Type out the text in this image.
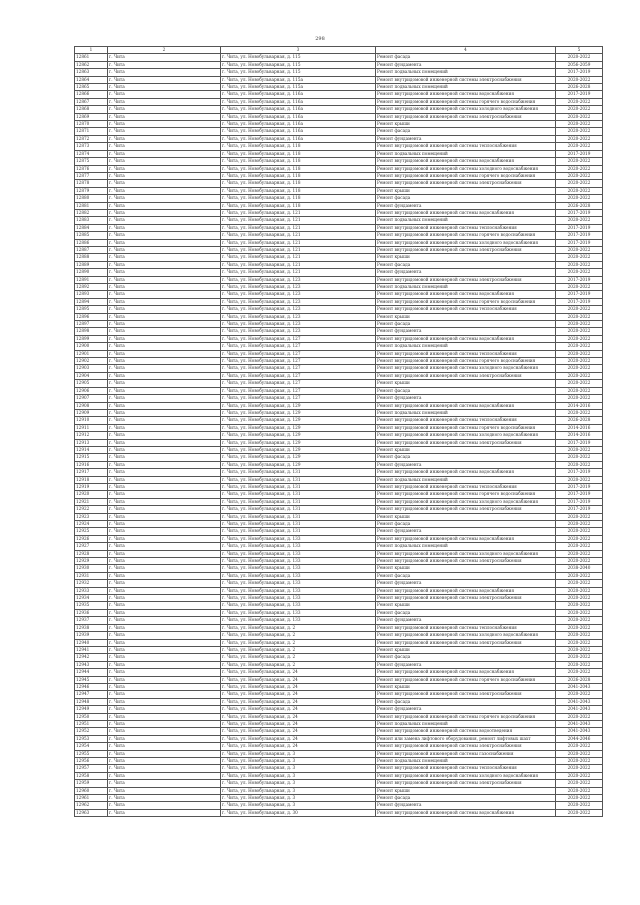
298
1	2	3	4	5
12861	г. Чита	г. Чита, ул. Новобульварная, д. 115	Ремонт фасада	2020-2022
12862	г. Чита	г. Чита, ул. Новобульварная, д. 115	Ремонт фундамента	2056-2059
12863	г. Чита	г. Чита, ул. Новобульварная, д. 115	Ремонт подвальных помещений	2017-2019
12864	г. Чита	г. Чита, ул. Новобульварная, д. 115а	Ремонт внутридомовой инженерной системы электроснабжения	2020-2022
12865	г. Чита	г. Чита, ул. Новобульварная, д. 115а	Ремонт подвальных помещений	2026-2028
12866	г. Чита	г. Чита, ул. Новобульварная, д. 116а	Ремонт внутридомовой инженерной системы водоснабжения	2017-2019
12867	г. Чита	г. Чита, ул. Новобульварная, д. 116а	Ремонт внутридомовой инженерной системы горячего водоснабжения	2020-2022
12868	г. Чита	г. Чита, ул. Новобульварная, д. 116а	Ремонт внутридомовой инженерной системы холодного водоснабжения	2020-2022
12869	г. Чита	г. Чита, ул. Новобульварная, д. 116а	Ремонт внутридомовой инженерной системы электроснабжения	2020-2022
12870	г. Чита	г. Чита, ул. Новобульварная, д. 116а	Ремонт крыши	2020-2022
12871	г. Чита	г. Чита, ул. Новобульварная, д. 116а	Ремонт фасада	2020-2022
12872	г. Чита	г. Чита, ул. Новобульварная, д. 116а	Ремонт фундамента	2020-2022
12873	г. Чита	г. Чита, ул. Новобульварная, д. 118	Ремонт внутридомовой инженерной системы теплоснабжения	2020-2022
12874	г. Чита	г. Чита, ул. Новобульварная, д. 118	Ремонт подвальных помещений	2017-2019
12875	г. Чита	г. Чита, ул. Новобульварная, д. 118	Ремонт внутридомовой инженерной системы водоснабжения	2020-2022
12876	г. Чита	г. Чита, ул. Новобульварная, д. 118	Ремонт внутридомовой инженерной системы холодного водоснабжения	2020-2022
12877	г. Чита	г. Чита, ул. Новобульварная, д. 118	Ремонт внутридомовой инженерной системы горячего водоснабжения	2020-2022
12878	г. Чита	г. Чита, ул. Новобульварная, д. 118	Ремонт внутридомовой инженерной системы электроснабжения	2020-2022
12879	г. Чита	г. Чита, ул. Новобульварная, д. 118	Ремонт крыши	2020-2022
12880	г. Чита	г. Чита, ул. Новобульварная, д. 118	Ремонт фасада	2020-2022
12881	г. Чита	г. Чита, ул. Новобульварная, д. 118	Ремонт фундамента	2026-2028
12882	г. Чита	г. Чита, ул. Новобульварная, д. 121	Ремонт внутридомовой инженерной системы водоснабжения	2017-2019
12883	г. Чита	г. Чита, ул. Новобульварная, д. 121	Ремонт подвальных помещений	2020-2022
12884	г. Чита	г. Чита, ул. Новобульварная, д. 121	Ремонт внутридомовой инженерной системы теплоснабжения	2017-2019
12885	г. Чита	г. Чита, ул. Новобульварная, д. 121	Ремонт внутридомовой инженерной системы горячего водоснабжения	2017-2019
12886	г. Чита	г. Чита, ул. Новобульварная, д. 121	Ремонт внутридомовой инженерной системы холодного водоснабжения	2017-2019
12887	г. Чита	г. Чита, ул. Новобульварная, д. 121	Ремонт внутридомовой инженерной системы электроснабжения	2020-2022
12888	г. Чита	г. Чита, ул. Новобульварная, д. 121	Ремонт крыши	2020-2022
12889	г. Чита	г. Чита, ул. Новобульварная, д. 121	Ремонт фасада	2020-2022
12890	г. Чита	г. Чита, ул. Новобульварная, д. 121	Ремонт фундамента	2020-2022
12891	г. Чита	г. Чита, ул. Новобульварная, д. 123	Ремонт внутридомовой инженерной системы электроснабжения	2017-2019
12892	г. Чита	г. Чита, ул. Новобульварная, д. 123	Ремонт подвальных помещений	2020-2022
12893	г. Чита	г. Чита, ул. Новобульварная, д. 123	Ремонт внутридомовой инженерной системы водоснабжения	2017-2019
12894	г. Чита	г. Чита, ул. Новобульварная, д. 123	Ремонт внутридомовой инженерной системы горячего водоснабжения	2017-2019
12895	г. Чита	г. Чита, ул. Новобульварная, д. 123	Ремонт внутридомовой инженерной системы теплоснабжения	2020-2022
12896	г. Чита	г. Чита, ул. Новобульварная, д. 123	Ремонт крыши	2020-2022
12897	г. Чита	г. Чита, ул. Новобульварная, д. 123	Ремонт фасада	2020-2022
12898	г. Чита	г. Чита, ул. Новобульварная, д. 123	Ремонт фундамента	2020-2022
12899	г. Чита	г. Чита, ул. Новобульварная, д. 127	Ремонт внутридомовой инженерной системы водоснабжения	2020-2022
12900	г. Чита	г. Чита, ул. Новобульварная, д. 127	Ремонт подвальных помещений	2020-2022
12901	г. Чита	г. Чита, ул. Новобульварная, д. 127	Ремонт внутридомовой инженерной системы теплоснабжения	2020-2022
12902	г. Чита	г. Чита, ул. Новобульварная, д. 127	Ремонт внутридомовой инженерной системы горячего водоснабжения	2020-2022
12903	г. Чита	г. Чита, ул. Новобульварная, д. 127	Ремонт внутридомовой инженерной системы холодного водоснабжения	2020-2022
12904	г. Чита	г. Чита, ул. Новобульварная, д. 127	Ремонт внутридомовой инженерной системы электроснабжения	2020-2022
12905	г. Чита	г. Чита, ул. Новобульварная, д. 127	Ремонт крыши	2020-2022
12906	г. Чита	г. Чита, ул. Новобульварная, д. 127	Ремонт фасада	2020-2022
12907	г. Чита	г. Чита, ул. Новобульварная, д. 127	Ремонт фундамента	2020-2022
12908	г. Чита	г. Чита, ул. Новобульварная, д. 129	Ремонт внутридомовой инженерной системы водоснабжения	2014-2016
12909	г. Чита	г. Чита, ул. Новобульварная, д. 129	Ремонт подвальных помещений	2020-2022
12910	г. Чита	г. Чита, ул. Новобульварная, д. 129	Ремонт внутридомовой инженерной системы теплоснабжения	2026-2028
12911	г. Чита	г. Чита, ул. Новобульварная, д. 129	Ремонт внутридомовой инженерной системы горячего водоснабжения	2014-2016
12912	г. Чита	г. Чита, ул. Новобульварная, д. 129	Ремонт внутридомовой инженерной системы холодного водоснабжения	2014-2016
12913	г. Чита	г. Чита, ул. Новобульварная, д. 129	Ремонт внутридомовой инженерной системы электроснабжения	2017-2019
12914	г. Чита	г. Чита, ул. Новобульварная, д. 129	Ремонт крыши	2020-2022
12915	г. Чита	г. Чита, ул. Новобульварная, д. 129	Ремонт фасада	2020-2022
12916	г. Чита	г. Чита, ул. Новобульварная, д. 129	Ремонт фундамента	2020-2022
12917	г. Чита	г. Чита, ул. Новобульварная, д. 131	Ремонт внутридомовой инженерной системы водоснабжения	2017-2019
12918	г. Чита	г. Чита, ул. Новобульварная, д. 131	Ремонт подвальных помещений	2020-2022
12919	г. Чита	г. Чита, ул. Новобульварная, д. 131	Ремонт внутридомовой инженерной системы теплоснабжения	2017-2019
12920	г. Чита	г. Чита, ул. Новобульварная, д. 131	Ремонт внутридомовой инженерной системы горячего водоснабжения	2017-2019
12921	г. Чита	г. Чита, ул. Новобульварная, д. 131	Ремонт внутридомовой инженерной системы холодного водоснабжения	2017-2019
12922	г. Чита	г. Чита, ул. Новобульварная, д. 131	Ремонт внутридомовой инженерной системы электроснабжения	2017-2019
12923	г. Чита	г. Чита, ул. Новобульварная, д. 131	Ремонт крыши	2020-2022
12924	г. Чита	г. Чита, ул. Новобульварная, д. 131	Ремонт фасада	2020-2022
12925	г. Чита	г. Чита, ул. Новобульварная, д. 131	Ремонт фундамента	2020-2022
12926	г. Чита	г. Чита, ул. Новобульварная, д. 133	Ремонт внутридомовой инженерной системы водоснабжения	2020-2022
12927	г. Чита	г. Чита, ул. Новобульварная, д. 133	Ремонт подвальных помещений	2020-2022
12928	г. Чита	г. Чита, ул. Новобульварная, д. 133	Ремонт внутридомовой инженерной системы холодного водоснабжения	2020-2022
12929	г. Чита	г. Чита, ул. Новобульварная, д. 133	Ремонт внутридомовой инженерной системы электроснабжения	2020-2022
12930	г. Чита	г. Чита, ул. Новобульварная, д. 133	Ремонт крыши	2038-2040
12931	г. Чита	г. Чита, ул. Новобульварная, д. 133	Ремонт фасада	2020-2022
12932	г. Чита	г. Чита, ул. Новобульварная, д. 133	Ремонт фундамента	2020-2022
12933	г. Чита	г. Чита, ул. Новобульварная, д. 133	Ремонт внутридомовой инженерной системы водоснабжения	2020-2022
12934	г. Чита	г. Чита, ул. Новобульварная, д. 133	Ремонт внутридомовой инженерной системы электроснабжения	2020-2022
12935	г. Чита	г. Чита, ул. Новобульварная, д. 133	Ремонт крыши	2020-2022
12936	г. Чита	г. Чита, ул. Новобульварная, д. 133	Ремонт фасада	2020-2022
12937	г. Чита	г. Чита, ул. Новобульварная, д. 133	Ремонт фундамента	2020-2022
12938	г. Чита	г. Чита, ул. Новобульварная, д. 2	Ремонт внутридомовой инженерной системы теплоснабжения	2020-2022
12939	г. Чита	г. Чита, ул. Новобульварная, д. 2	Ремонт внутридомовой инженерной системы холодного водоснабжения	2020-2022
12940	г. Чита	г. Чита, ул. Новобульварная, д. 2	Ремонт внутридомовой инженерной системы электроснабжения	2020-2022
12941	г. Чита	г. Чита, ул. Новобульварная, д. 2	Ремонт крыши	2020-2022
12942	г. Чита	г. Чита, ул. Новобульварная, д. 2	Ремонт фасада	2020-2022
12943	г. Чита	г. Чита, ул. Новобульварная, д. 2	Ремонт фундамента	2020-2022
12944	г. Чита	г. Чита, ул. Новобульварная, д. 24	Ремонт внутридомовой инженерной системы водоснабжения	2020-2022
12945	г. Чита	г. Чита, ул. Новобульварная, д. 24	Ремонт внутридомовой инженерной системы горячего водоснабжения	2026-2028
12946	г. Чита	г. Чита, ул. Новобульварная, д. 24	Ремонт крыши	2041-2043
12947	г. Чита	г. Чита, ул. Новобульварная, д. 24	Ремонт внутридомовой инженерной системы электроснабжения	2020-2022
12948	г. Чита	г. Чита, ул. Новобульварная, д. 24	Ремонт фасада	2041-2043
12949	г. Чита	г. Чита, ул. Новобульварная, д. 24	Ремонт фундамента	2041-2043
12950	г. Чита	г. Чита, ул. Новобульварная, д. 24	Ремонт внутридомовой инженерной системы горячего водоснабжения	2020-2022
12951	г. Чита	г. Чита, ул. Новобульварная, д. 24	Ремонт подвальных помещений	2041-2043
12952	г. Чита	г. Чита, ул. Новобульварная, д. 24	Ремонт внутридомовой инженерной системы водоотведения	2041-2043
12953	г. Чита	г. Чита, ул. Новобульварная, д. 24	Ремонт или замена лифтового оборудования, ремонт лифтовых шахт	2044-2046
12954	г. Чита	г. Чита, ул. Новобульварная, д. 24	Ремонт внутридомовой инженерной системы электроснабжения	2020-2022
12955	г. Чита	г. Чита, ул. Новобульварная, д. 3	Ремонт внутридомовой инженерной системы газоснабжения	2020-2022
12956	г. Чита	г. Чита, ул. Новобульварная, д. 3	Ремонт подвальных помещений	2020-2022
12957	г. Чита	г. Чита, ул. Новобульварная, д. 3	Ремонт внутридомовой инженерной системы теплоснабжения	2020-2022
12958	г. Чита	г. Чита, ул. Новобульварная, д. 3	Ремонт внутридомовой инженерной системы холодного водоснабжения	2020-2022
12959	г. Чита	г. Чита, ул. Новобульварная, д. 3	Ремонт внутридомовой инженерной системы электроснабжения	2020-2022
12960	г. Чита	г. Чита, ул. Новобульварная, д. 3	Ремонт крыши	2020-2022
12961	г. Чита	г. Чита, ул. Новобульварная, д. 3	Ремонт фасада	2020-2022
12962	г. Чита	г. Чита, ул. Новобульварная, д. 3	Ремонт фундамента	2020-2022
12963	г. Чита	г. Чита, ул. Новобульварная, д. 30	Ремонт внутридомовой инженерной системы водоснабжения	2020-2022
